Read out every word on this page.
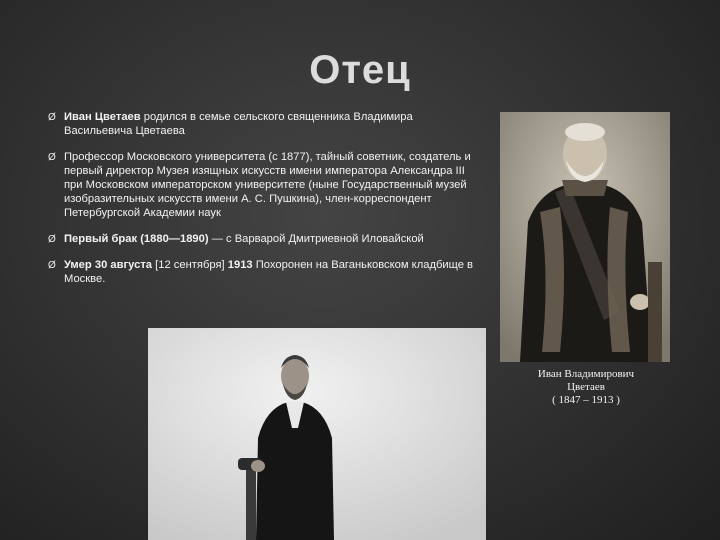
Отец
Ø Иван Цветаев родился в семье сельского священника Владимира Васильевича Цветаева
Ø Профессор Московского университета (с 1877), тайный советник, создатель и первый директор Музея изящных искусств имени императора Александра III при Московском императорском университете (ныне Государственный музей изобразительных искусств имени А. С. Пушкина), член-корреспондент Петербургской Академии наук
Ø Первый брак (1880—1890) — с Варварой Дмитриевной Иловайской
Ø Умер 30 августа [12 сентября] 1913 Похоронен на Ваганьковском кладбище в Москве.
Иван Владимирович
Цветаев
( 1847 – 1913 )
